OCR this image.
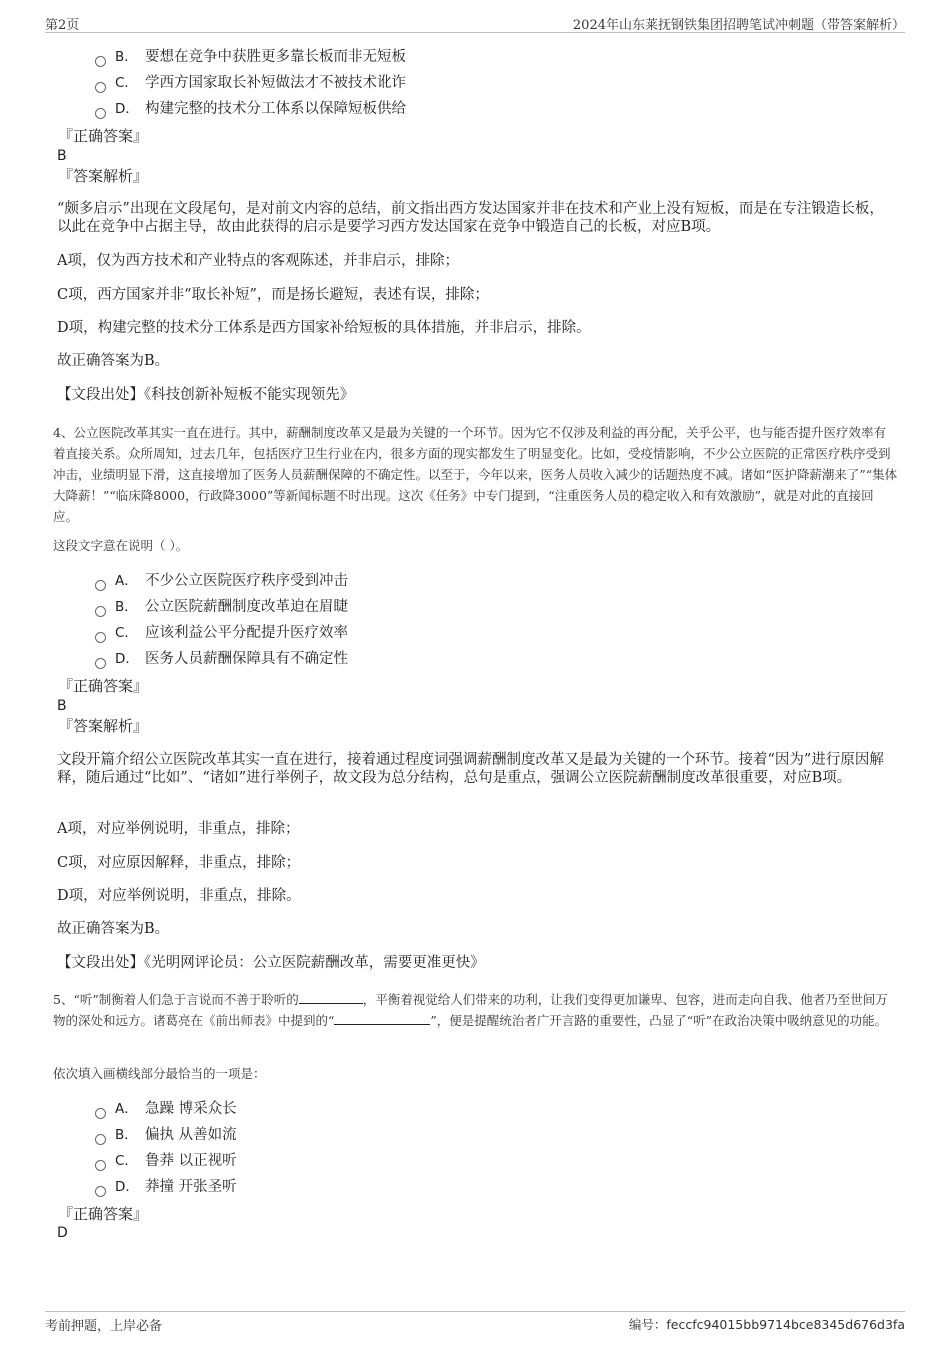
第2页	2024年山东莱抚钢铁集团招聘笔试冲刺题（带答案解析）
B． 要想在竞争中获胜更多靠长板而非无短板
C． 学西方国家取长补短做法才不被技术讹诈
D． 构建完整的技术分工体系以保障短板供给
『正确答案』
B
『答案解析』
“颇多启示”出现在文段尾句，是对前文内容的总结，前文指出西方发达国家并非在技术和产业上没有短板，而是在专注锻造长板，以此在竞争中占据主导，故由此获得的启示是要学习西方发达国家在竞争中锻造自己的长板，对应B项。
A项，仅为西方技术和产业特点的客观陈述，并非启示，排除；
C项，西方国家并非“取长补短”，而是扬长避短，表述有误，排除；
D项，构建完整的技术分工体系是西方国家补给短板的具体措施，并非启示，排除。
故正确答案为B。
【文段出处】《科技创新补短板不能实现领先》
4、公立医院改革其实一直在进行。其中，薪酬制度改革又是最为关键的一个环节。因为它不仅涉及利益的再分配，关乎公平，也与能否提升医疗效率有着直接关系。众所周知，过去几年，包括医疗卫生行业在内，很多方面的现实都发生了明显变化。比如，受疫情影响，不少公立医院的正常医疗秩序受到冲击，业绩明显下滑，这直接增加了医务人员薪酬保障的不确定性。以至于，今年以来，医务人员收入减少的话题热度不减。诸如“医护降薪潮来了”“集体大降薪！”“临床降8000，行政降3000”等新闻标题不时出现。这次《任务》中专门提到，“注重医务人员的稳定收入和有效激励”，就是对此的直接回应。
这段文字意在说明（ ）。
A． 不少公立医院医疗秩序受到冲击
B． 公立医院薪酬制度改革迫在眉睫
C． 应该利益公平分配提升医疗效率
D． 医务人员薪酬保障具有不确定性
『正确答案』
B
『答案解析』
文段开篇介绍公立医院改革其实一直在进行，接着通过程度词强调薪酬制度改革又是最为关键的一个环节。接着“因为”进行原因解释，随后通过“比如”、“诸如”进行举例子，故文段为总分结构，总句是重点，强调公立医院薪酬制度改革很重要，对应B项。
A项，对应举例说明，非重点，排除；
C项，对应原因解释，非重点，排除；
D项，对应举例说明，非重点，排除。
故正确答案为B。
【文段出处】《光明网评论员：公立医院薪酬改革，需要更准更快》
5、“听”制衡着人们急于言说而不善于聆听的	，平衡着视觉给人们带来的功利，让我们变得更加谦卑、包容，进而走向自我、他者乃至世间万物的深处和远方。诸葛亮在《前出师表》中提到的“	”，便是提醒统治者广开言路的重要性，凸显了“听”在政治决策中吸纳意见的功能。
依次填入画横线部分最恰当的一项是：
A． 急躁 博采众长
B． 偏执 从善如流
C． 鲁莽 以正视听
D． 莽撞 开张圣听
『正确答案』
D
考前押题，上岸必备	编号：feccfc94015bb9714bce8345d676d3fa
